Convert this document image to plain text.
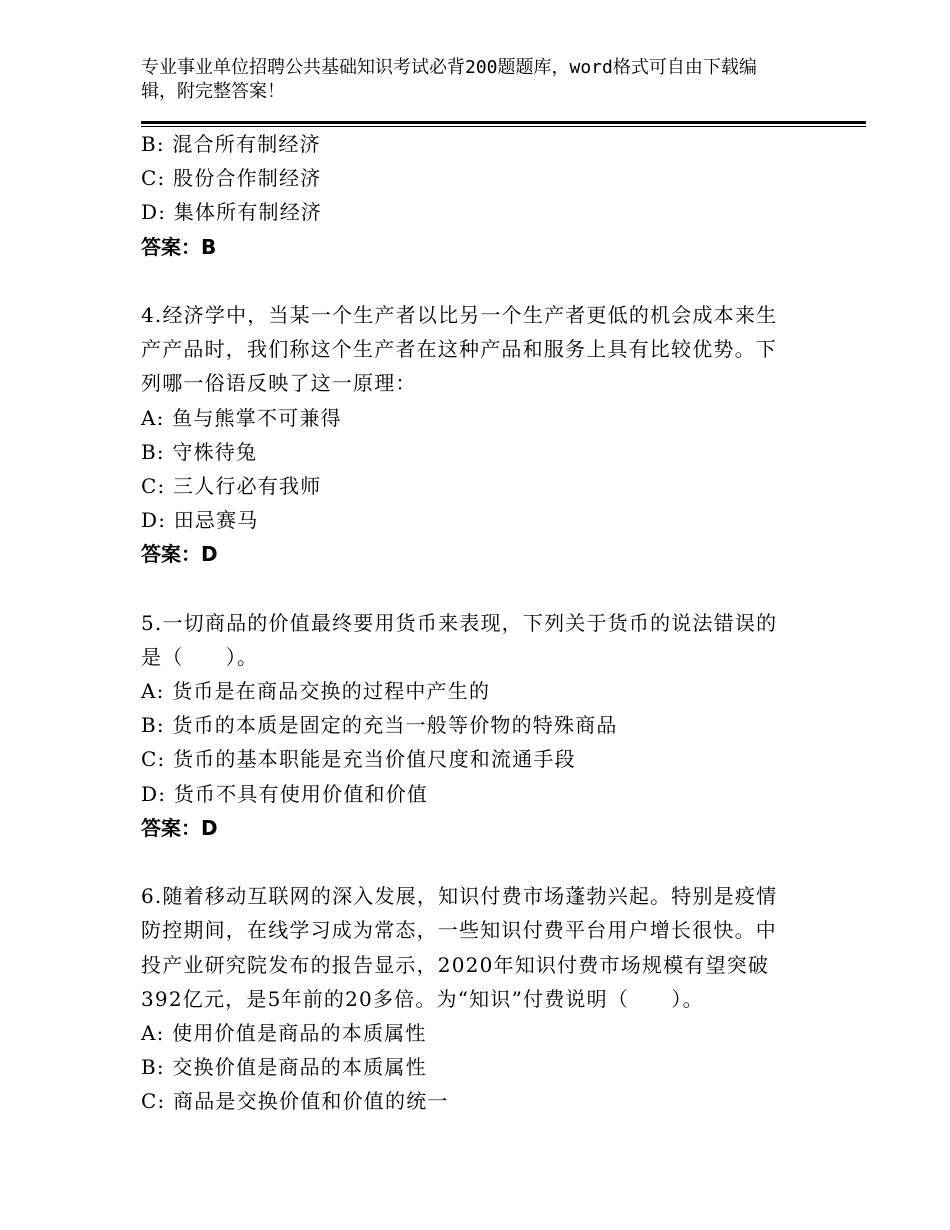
专业事业单位招聘公共基础知识考试必背200题题库，word格式可自由下载编
辑，附完整答案！
B: 混合所有制经济
C: 股份合作制经济
D: 集体所有制经济
答案：B
4.经济学中，当某一个生产者以比另一个生产者更低的机会成本来生
产产品时，我们称这个生产者在这种产品和服务上具有比较优势。下
列哪一俗语反映了这一原理：
A: 鱼与熊掌不可兼得
B: 守株待兔
C: 三人行必有我师
D: 田忌赛马
答案：D
5.一切商品的价值最终要用货币来表现，下列关于货币的说法错误的
是（　　）。
A: 货币是在商品交换的过程中产生的
B: 货币的本质是固定的充当一般等价物的特殊商品
C: 货币的基本职能是充当价值尺度和流通手段
D: 货币不具有使用价值和价值
答案：D
6.随着移动互联网的深入发展，知识付费市场蓬勃兴起。特别是疫情
防控期间，在线学习成为常态，一些知识付费平台用户增长很快。中
投产业研究院发布的报告显示，2020年知识付费市场规模有望突破
392亿元，是5年前的20多倍。为“知识”付费说明（　　）。
A: 使用价值是商品的本质属性
B: 交换价值是商品的本质属性
C: 商品是交换价值和价值的统一
